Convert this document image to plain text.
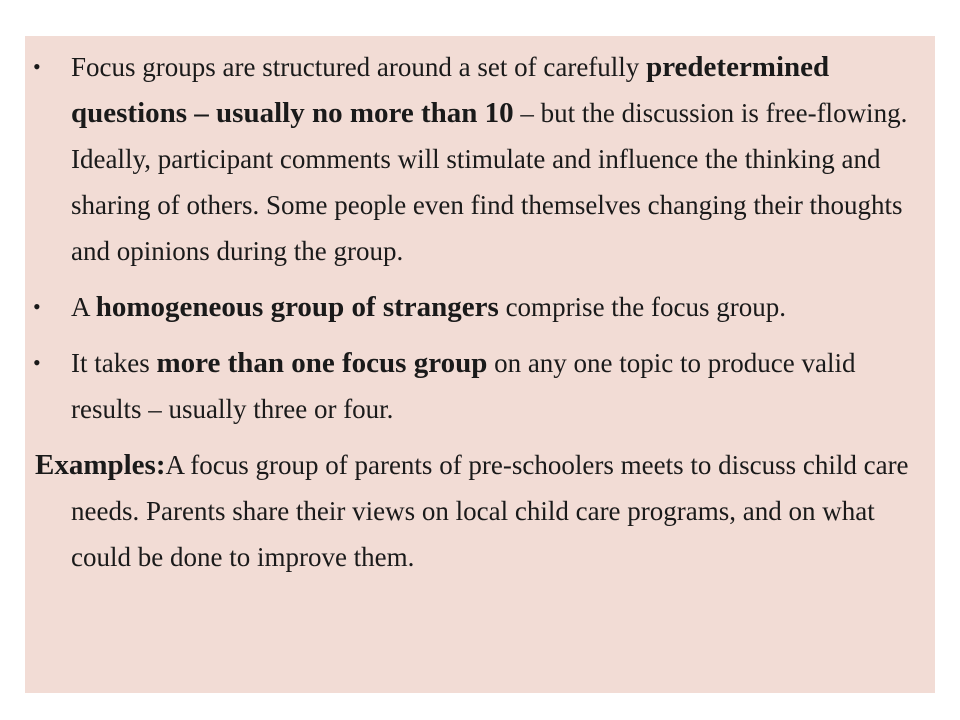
• Focus groups are structured around a set of carefully predetermined questions – usually no more than 10 – but the discussion is free-flowing. Ideally, participant comments will stimulate and influence the thinking and sharing of others. Some people even find themselves changing their thoughts and opinions during the group.

• A homogeneous group of strangers comprise the focus group.

• It takes more than one focus group on any one topic to produce valid results – usually three or four.

Examples:A focus group of parents of pre-schoolers meets to discuss child care needs. Parents share their views on local child care programs, and on what could be done to improve them.
